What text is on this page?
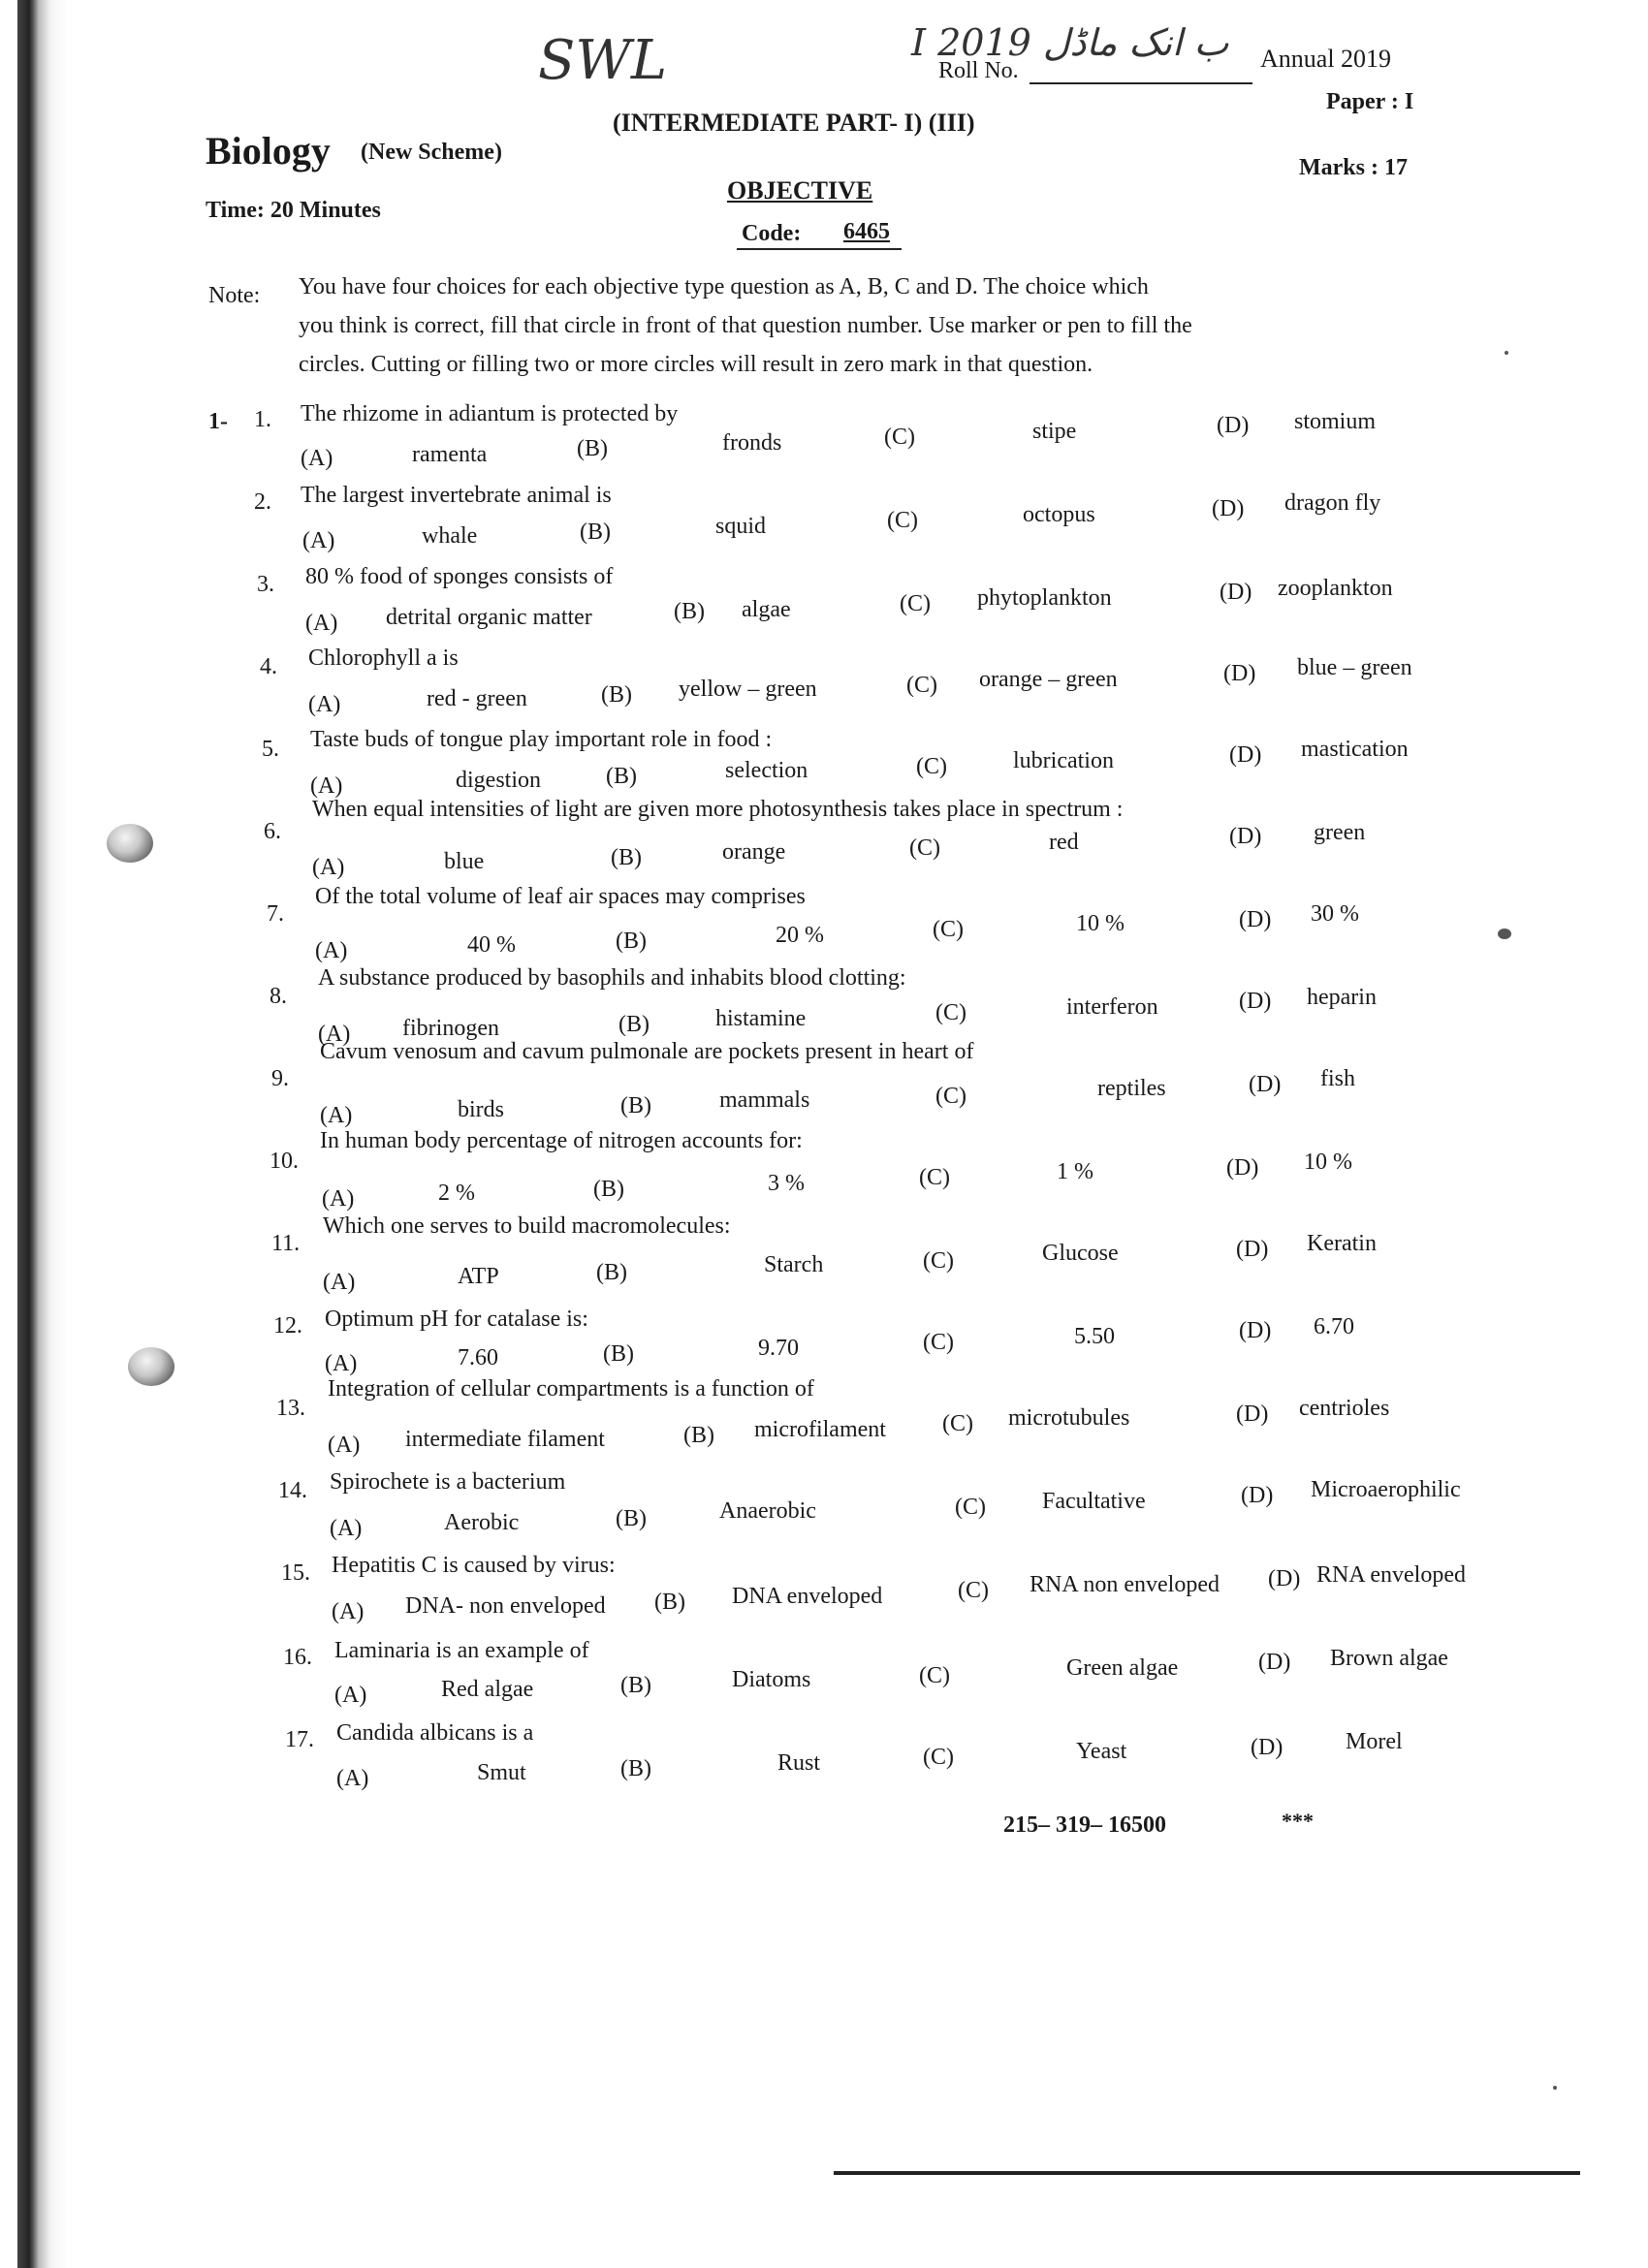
SWL	I ب انک ماڈل 2019
Roll No.	Annual 2019
Paper : I
(INTERMEDIATE PART- I) (III)
Biology (New Scheme)
Marks : 17
OBJECTIVE
Time: 20 Minutes
Code: 6465
Note: You have four choices for each objective type question as A, B, C and D. The choice which
you think is correct, fill that circle in front of that question number. Use marker or pen to fill the
circles. Cutting or filling two or more circles will result in zero mark in that question.
1- 1. The rhizome in adiantum is protected by
(A)	ramenta	(B)	fronds	(C)	stipe	(D) stomium
2. The largest invertebrate animal is
(A)	whale	(B)	squid	(C)	octopus	(D) dragon fly
3. 80 % food of sponges consists of
(A) detrital organic matter	(B) algae	(C) phytoplankton	(D) zooplankton
4. Chlorophyll a is
(A)	red - green	(B) yellow – green	(C) orange – green	(D) blue – green
5. Taste buds of tongue play important role in food :
(A)	digestion	(B)	selection	(C)	lubrication	(D) mastication
6.
When equal intensities of light are given more photosynthesis takes place in spectrum :
(A)	blue	(B)	orange	(C)	red	(D) green
7.
Of the total volume of leaf air spaces may comprises
(A)	40 %	(B)	20 %	(C)	10 %	(D) 30 %
8.
A substance produced by basophils and inhabits blood clotting:
(A) fibrinogen	(B)	histamine	(C)	interferon	(D) heparin
9.
Cavum venosum and cavum pulmonale are pockets present in heart of
(A)	birds	(B)	mammals	(C)	reptiles	(D) fish
10.
In human body percentage of nitrogen accounts for:
(A)	2 %	(B)	3 %	(C)	1 %	(D) 10 %
11.
Which one serves to build macromolecules:
(A)	ATP	(B)	Starch	(C)	Glucose	(D) Keratin
12. Optimum pH for catalase is:
(A)	7.60	(B)	9.70	(C)	5.50	(D) 6.70
13.
Integration of cellular compartments is a function of
(A) intermediate filament	(B) microfilament (C) microtubules	(D) centrioles
14. Spirochete is a bacterium
(A)	Aerobic	(B)	Anaerobic	(C) Facultative	(D) Microaerophilic
15. Hepatitis C is caused by virus:
(A) DNA- non enveloped (B) DNA enveloped	(C) RNA non enveloped (D) RNA enveloped
16. Laminaria is an example of
(A)	Red algae	(B)	Diatoms	(C)	Green algae	(D) Brown algae
17. Candida albicans is a
(A)	Smut	(B)	Rust	(C)	Yeast	(D)	Morel
215– 319– 16500	***
